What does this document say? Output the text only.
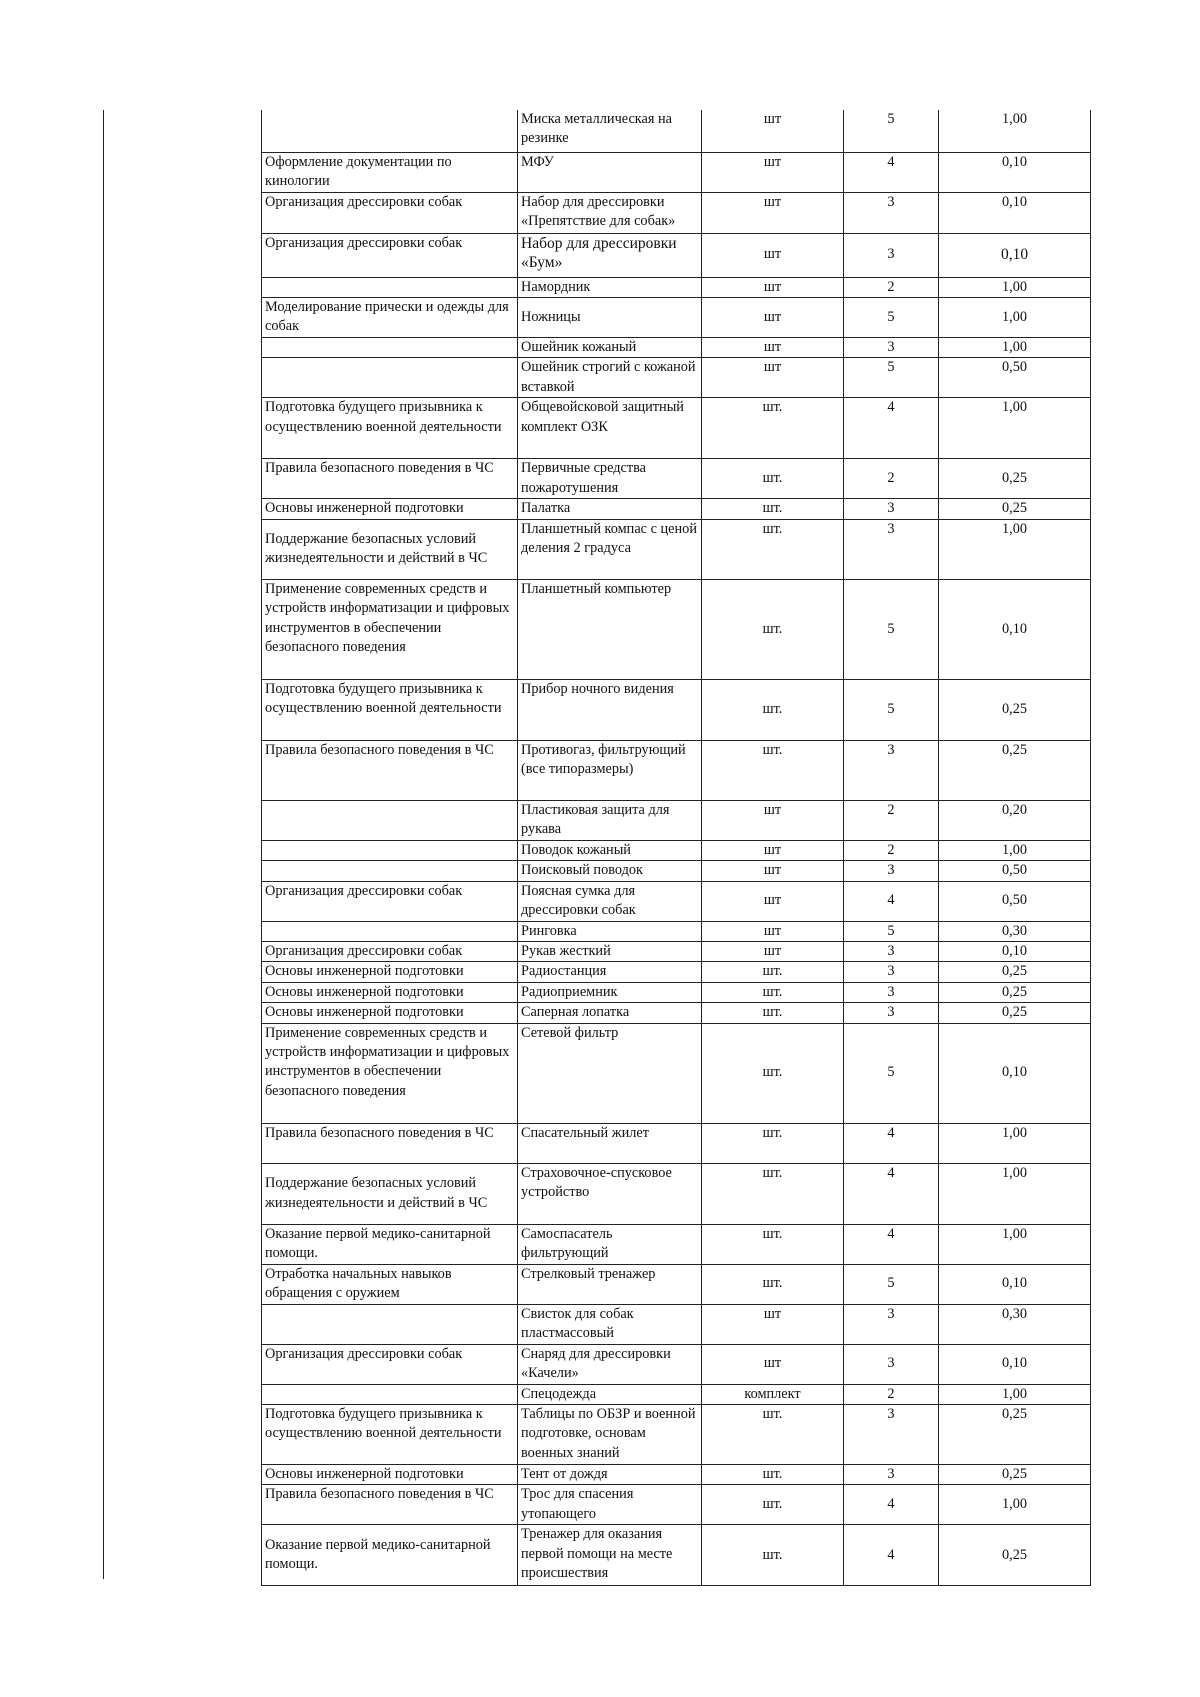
	Миска металлическая на резинке	шт	5	1,00
Оформление документации по кинологии	МФУ	шт	4	0,10
Организация дрессировки собак	Набор для дрессировки «Препятствие для собак»	шт	3	0,10
Организация дрессировки собак	Набор для дрессировки «Бум»	шт	3	0,10
	Намордник	шт	2	1,00
Моделирование прически и одежды для собак	Ножницы	шт	5	1,00
	Ошейник кожаный	шт	3	1,00
	Ошейник строгий с кожаной вставкой	шт	5	0,50
Подготовка будущего призывника к осуществлению военной деятельности	Общевойсковой защитный комплект ОЗК	шт.	4	1,00
Правила безопасного поведения в ЧС	Первичные средства пожаротушения	шт.	2	0,25
Основы инженерной подготовки	Палатка	шт.	3	0,25
Поддержание безопасных условий жизнедеятельности и действий в ЧС	Планшетный компас с ценой деления 2 градуса	шт.	3	1,00
Применение современных средств и устройств информатизации и цифровых инструментов в обеспечении безопасного поведения	Планшетный компьютер	шт.	5	0,10
Подготовка будущего призывника к осуществлению военной деятельности	Прибор ночного видения	шт.	5	0,25
Правила безопасного поведения в ЧС	Противогаз, фильтрующий (все типоразмеры)	шт.	3	0,25
	Пластиковая защита для рукава	шт	2	0,20
	Поводок кожаный	шт	2	1,00
	Поисковый поводок	шт	3	0,50
Организация дрессировки собак	Поясная сумка для дрессировки собак	шт	4	0,50
	Ринговка	шт	5	0,30
Организация дрессировки собак	Рукав жесткий	шт	3	0,10
Основы инженерной подготовки	Радиостанция	шт.	3	0,25
Основы инженерной подготовки	Радиоприемник	шт.	3	0,25
Основы инженерной подготовки	Саперная лопатка	шт.	3	0,25
Применение современных средств и устройств информатизации и цифровых инструментов в обеспечении безопасного поведения	Сетевой фильтр	шт.	5	0,10
Правила безопасного поведения в ЧС	Спасательный жилет	шт.	4	1,00
Поддержание безопасных условий жизнедеятельности и действий в ЧС	Страховочное-спусковое устройство	шт.	4	1,00
Оказание первой медико-санитарной помощи.	Самоспасатель фильтрующий	шт.	4	1,00
Отработка начальных навыков обращения с оружием	Стрелковый тренажер	шт.	5	0,10
	Свисток для собак пластмассовый	шт	3	0,30
Организация дрессировки собак	Снаряд для дрессировки «Качели»	шт	3	0,10
	Спецодежда	комплект	2	1,00
Подготовка будущего призывника к осуществлению военной деятельности	Таблицы по ОБЗР и военной подготовке, основам военных знаний	шт.	3	0,25
Основы инженерной подготовки	Тент от дождя	шт.	3	0,25
Правила безопасного поведения в ЧС	Трос для спасения утопающего	шт.	4	1,00
Оказание первой медико-санитарной помощи.	Тренажер для оказания первой помощи на месте происшествия	шт.	4	0,25
